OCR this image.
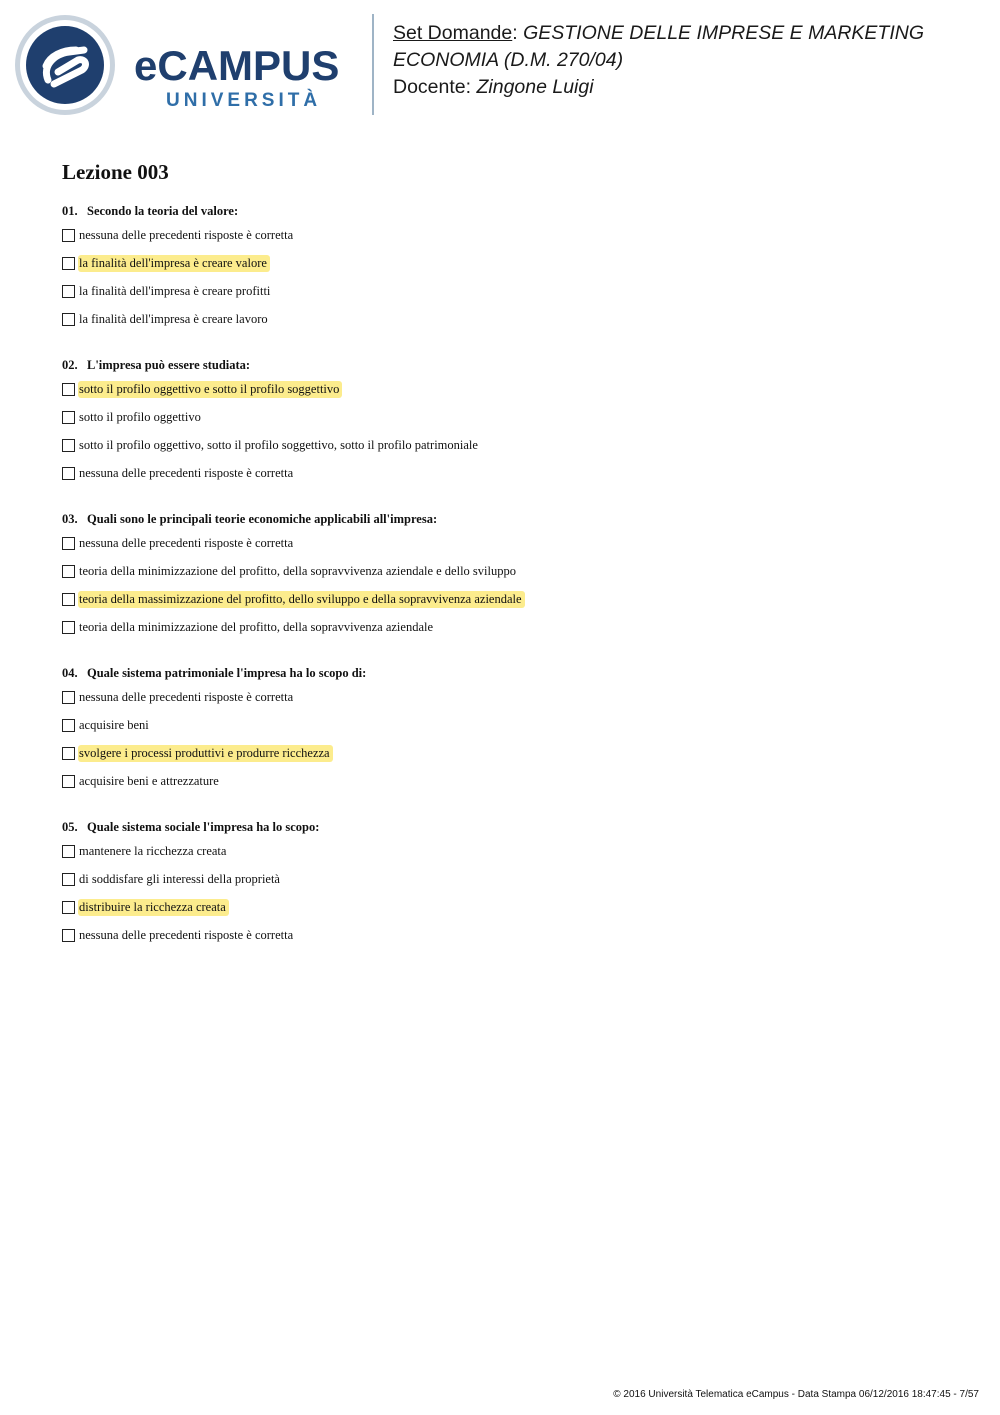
eCAMPUS
UNIVERSITÀ
Set Domande: GESTIONE DELLE IMPRESE E MARKETING
ECONOMIA (D.M. 270/04)
Docente: Zingone Luigi
Lezione 003
01. Secondo la teoria del valore:
nessuna delle precedenti risposte è corretta
la finalità dell'impresa è creare valore
la finalità dell'impresa è creare profitti
la finalità dell'impresa è creare lavoro
02. L'impresa può essere studiata:
sotto il profilo oggettivo e sotto il profilo soggettivo
sotto il profilo oggettivo
sotto il profilo oggettivo, sotto il profilo soggettivo, sotto il profilo patrimoniale
nessuna delle precedenti risposte è corretta
03. Quali sono le principali teorie economiche applicabili all'impresa:
nessuna delle precedenti risposte è corretta
teoria della minimizzazione del profitto, della sopravvivenza aziendale e dello sviluppo
teoria della massimizzazione del profitto, dello sviluppo e della sopravvivenza aziendale
teoria della minimizzazione del profitto, della sopravvivenza aziendale
04. Quale sistema patrimoniale l'impresa ha lo scopo di:
nessuna delle precedenti risposte è corretta
acquisire beni
svolgere i processi produttivi e produrre ricchezza
acquisire beni e attrezzature
05. Quale sistema sociale l'impresa ha lo scopo:
mantenere la ricchezza creata
di soddisfare gli interessi della proprietà
distribuire la ricchezza creata
nessuna delle precedenti risposte è corretta
© 2016 Università Telematica eCampus - Data Stampa 06/12/2016 18:47:45 - 7/57
